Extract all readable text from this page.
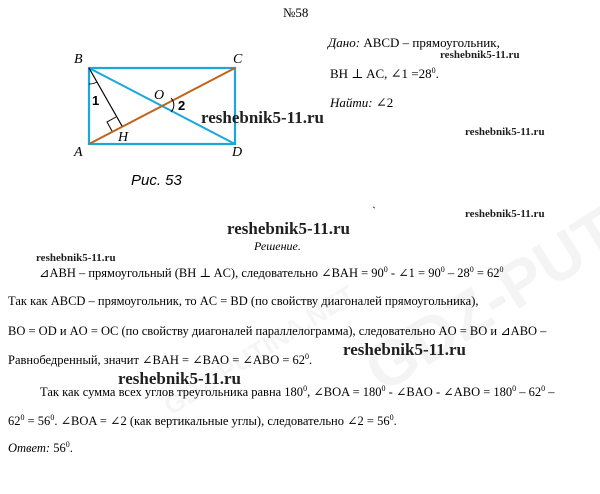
№58
B	C
A	D
O
H
1	2
Рис. 53
Дано: ABCD – прямоугольник,
BH ⊥ AC, ∠1 $=28^0$.
Найти: ∠2
reshebnik5-11.ru
reshebnik5-11.ru
reshebnik5-11.ru
reshebnik5-11.ru
reshebnik5-11.ru
reshebnik5-11.ru
reshebnik5-11.ru
reshebnik5-11.ru
`
Решение.
⊿ABH – прямоугольный (BH ⊥ AC), следовательно ∠BAH = $90^0$ - ∠1 = $90^0 - 28^0 = 62^0$
Так как ABCD – прямоугольник, то AC = BD (по свойству диагоналей прямоугольника),
BO = OD и AO = OC (по свойству диагоналей параллелограмма), следовательно AO = BO и ⊿ABO –
Равнобедренный, значит ∠BAH = ∠BAO = ∠ABO = $62^0$.
Так как сумма всех углов треугольника равна $180^0$, ∠BOA = $180^0$ - ∠BAO - ∠ABO = $180^0 - 62^0$ –
$62^0 = 56^0$. ∠BOA = ∠2 (как вертикальные углы), следовательно ∠2 = $56^0$.
Ответ: $56^0$.
